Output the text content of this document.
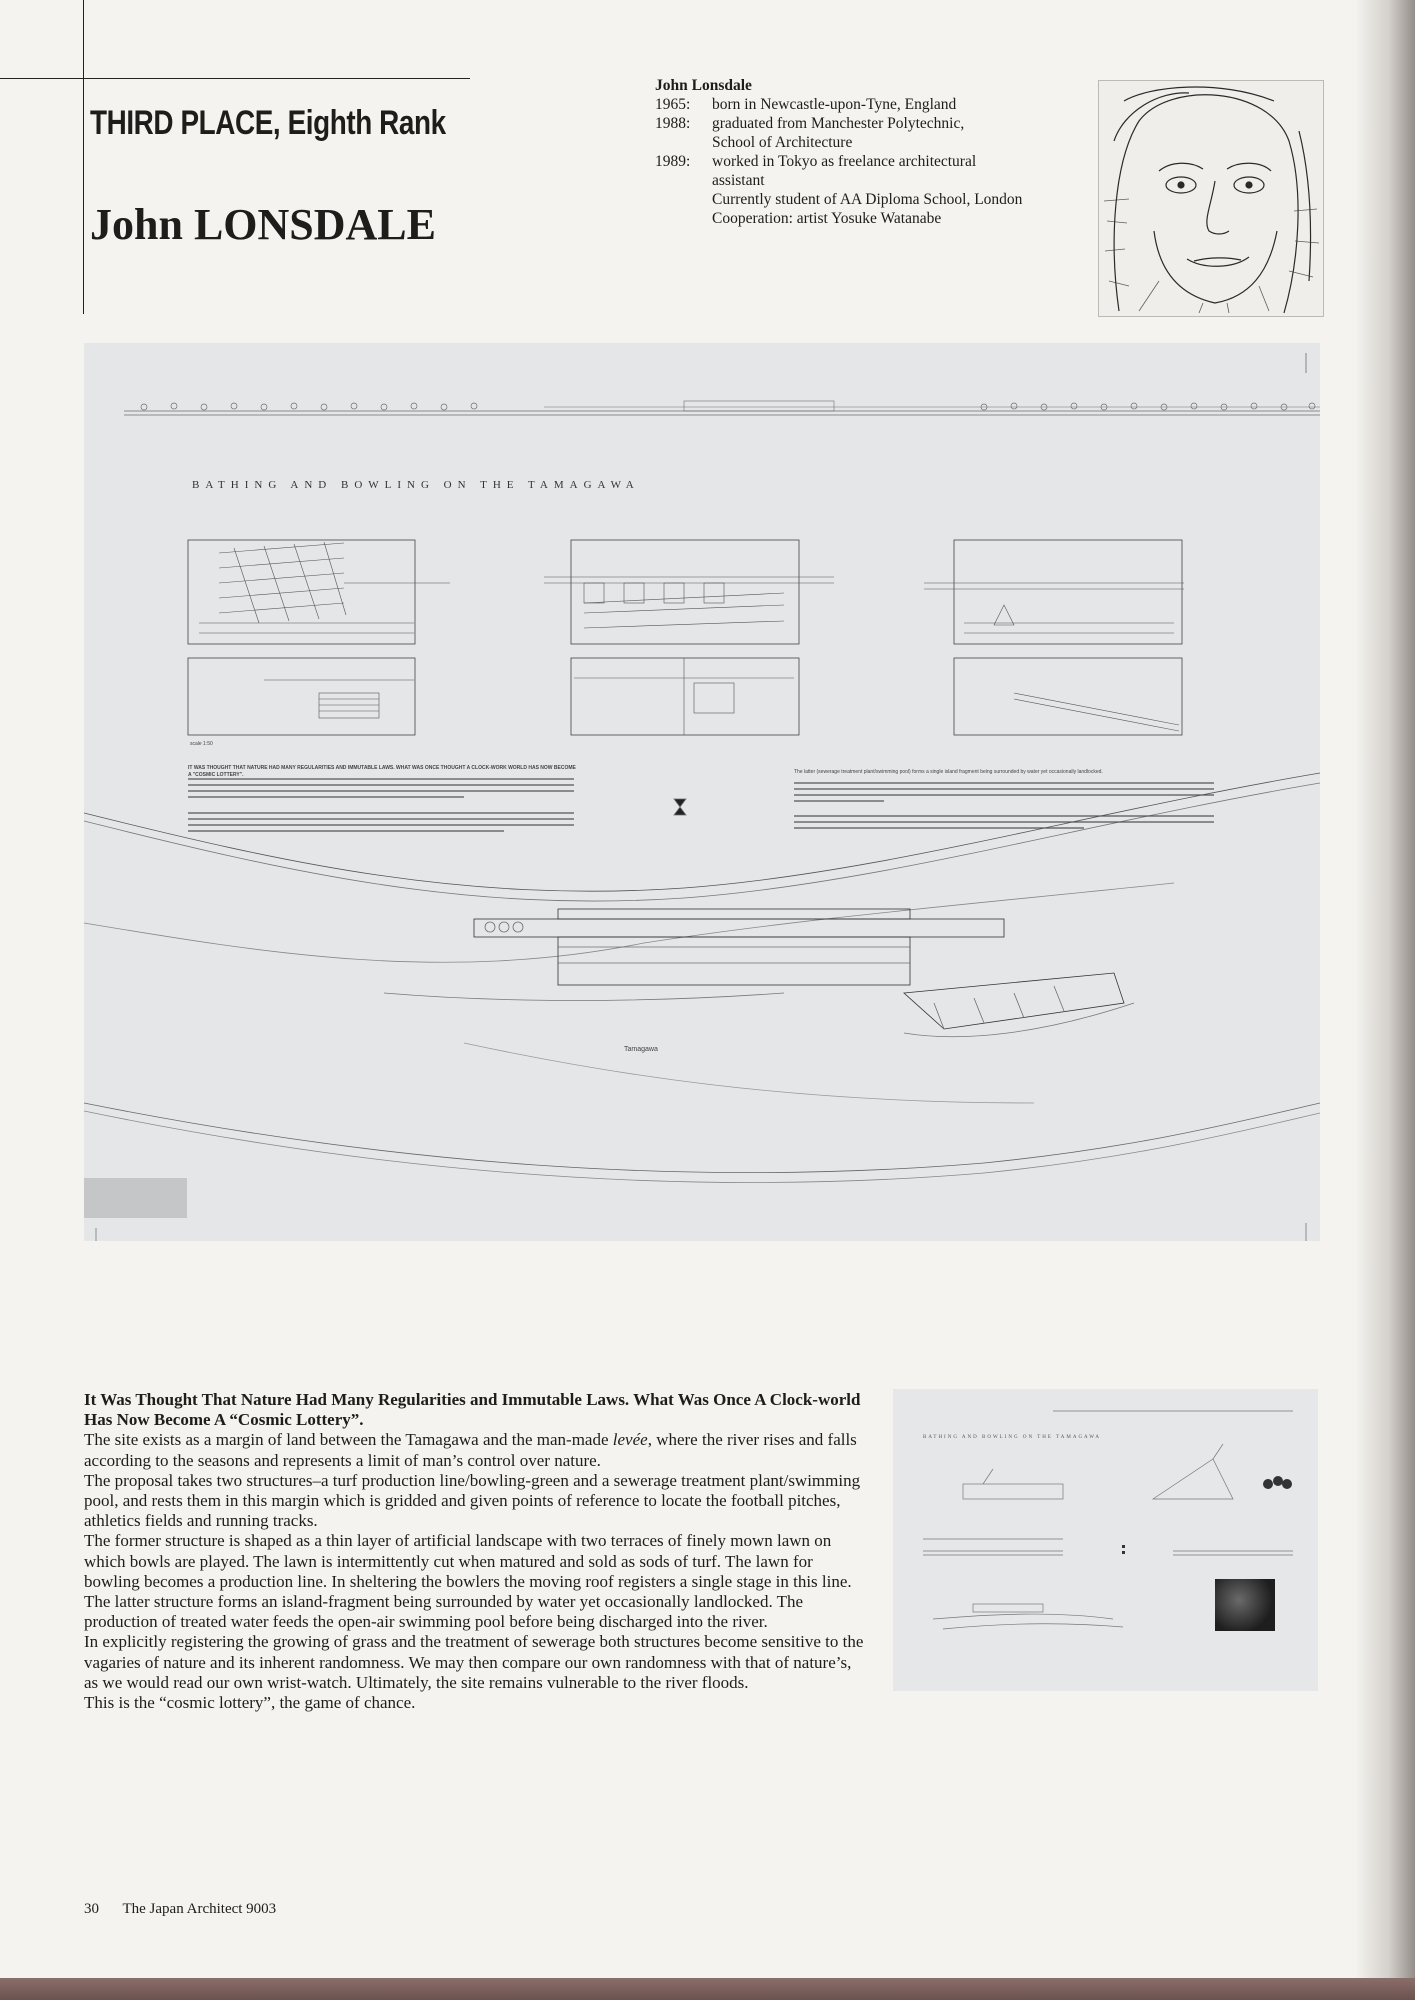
THIRD PLACE, Eighth Rank
John LONSDALE
John Lonsdale
1965:	born in Newcastle-upon-Tyne, England
1988:	graduated from Manchester Polytechnic,
School of Architecture
1989:	worked in Tokyo as freelance architectural
assistant
Currently student of AA Diploma School, London
Cooperation: artist Yosuke Watanabe
BATHING AND BOWLING ON THE TAMAGAWA
scale 1:50
Tamagawa
IT WAS THOUGHT THAT NATURE HAD MANY REGULARITIES AND IMMUTABLE LAWS. WHAT WAS ONCE THOUGHT A CLOCK-WORK WORLD HAS NOW BECOME A "COSMIC LOTTERY".	The latter (sewerage treatment plant/swimming pool) forms a single island fragment being surrounded by water yet occasionally landlocked.
BATHING AND BOWLING ON THE TAMAGAWA
It Was Thought That Nature Had Many Regularities and Immutable Laws. What Was Once A Clock-world Has Now Become A “Cosmic Lottery”.

The site exists as a margin of land between the Tamagawa and the man-made levée, where the river rises and falls according to the seasons and represents a limit of man’s control over nature.

The proposal takes two structures–a turf production line/bowling-green and a sewerage treatment plant/swimming pool, and rests them in this margin which is gridded and given points of reference to locate the football pitches, athletics fields and running tracks.

The former structure is shaped as a thin layer of artificial landscape with two terraces of finely mown lawn on which bowls are played. The lawn is intermittently cut when matured and sold as sods of turf. The lawn for bowling becomes a production line. In sheltering the bowlers the moving roof registers a single stage in this line.

The latter structure forms an island-fragment being surrounded by water yet occasionally landlocked. The production of treated water feeds the open-air swimming pool before being discharged into the river.

In explicitly registering the growing of grass and the treatment of sewerage both structures become sensitive to the vagaries of nature and its inherent randomness. We may then compare our own randomness with that of nature’s, as we would read our own wrist-watch. Ultimately, the site remains vulnerable to the river floods.

This is the “cosmic lottery”, the game of chance.

30 The Japan Architect 9003
